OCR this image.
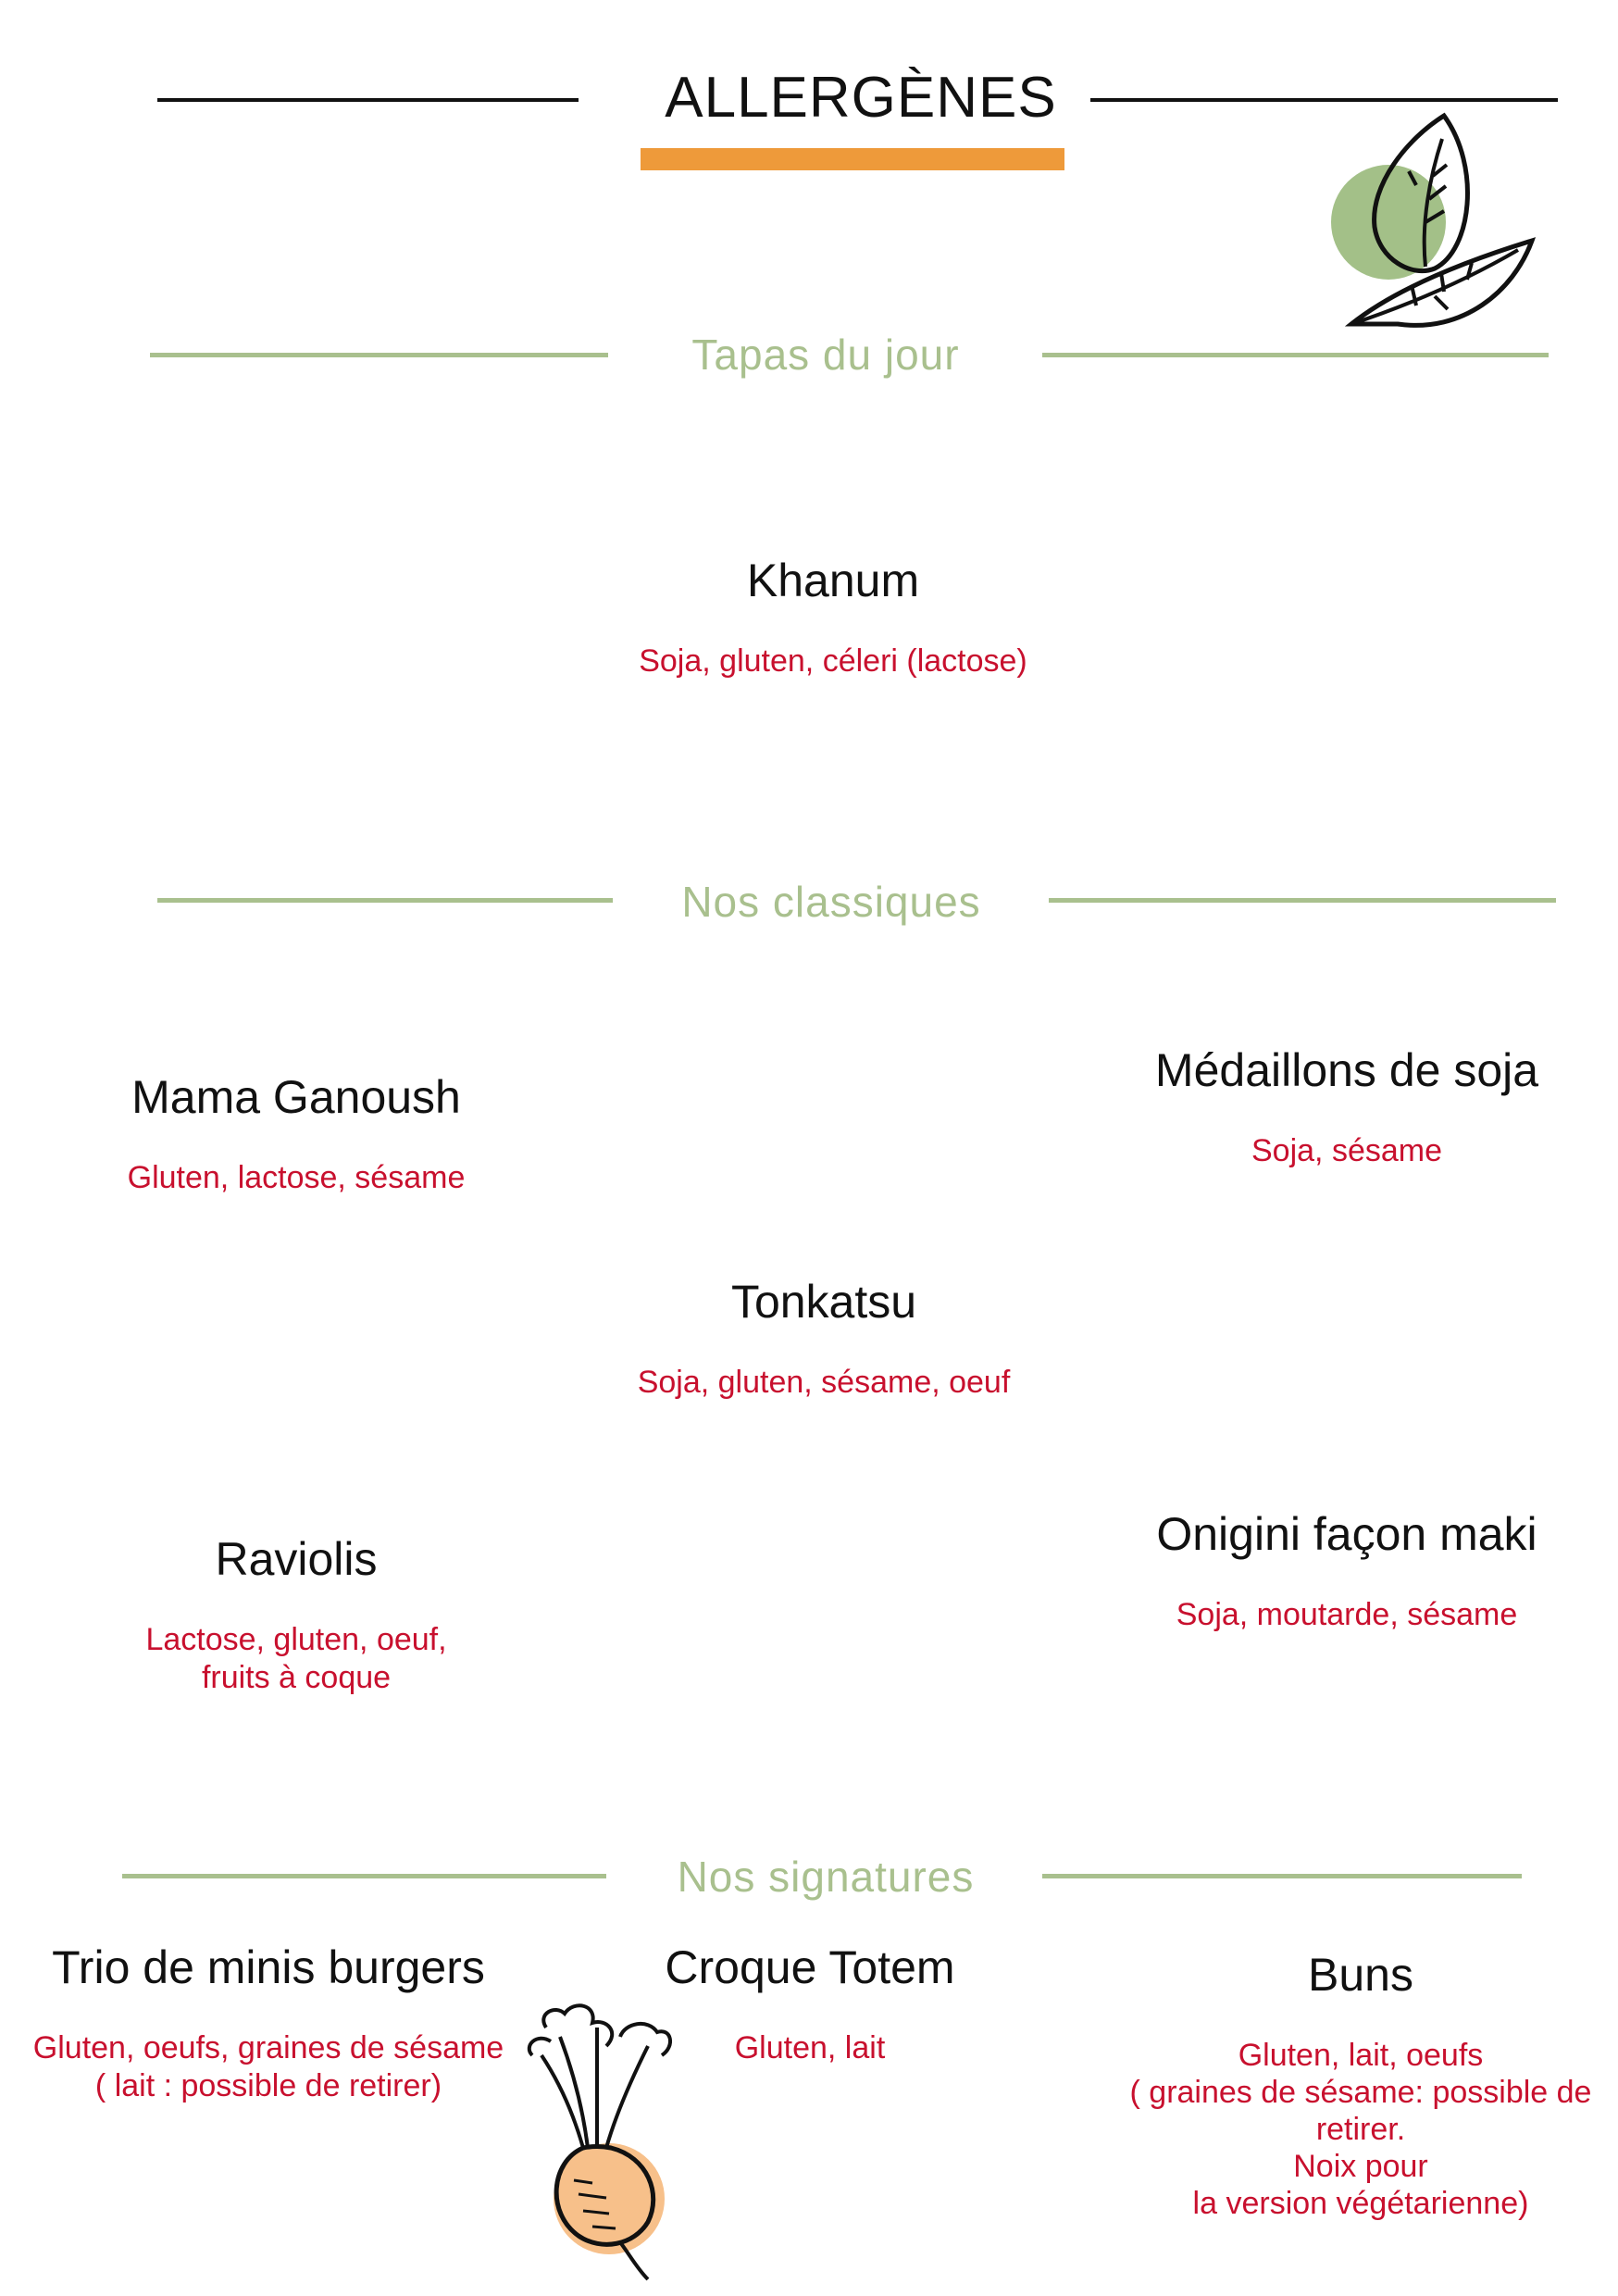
ALLERGÈNES
Tapas du jour
Khanum
Soja, gluten, céleri (lactose)
Nos classiques
Mama Ganoush
Gluten, lactose, sésame
Médaillons de soja
Soja, sésame
Tonkatsu
Soja, gluten, sésame, oeuf
Raviolis
Lactose, gluten, oeuf,
fruits à coque
Onigini façon maki
Soja, moutarde, sésame
Nos signatures
Trio de minis burgers
Gluten, oeufs, graines de sésame
( lait : possible de retirer)
Croque Totem
Gluten, lait
Buns
Gluten, lait, oeufs
( graines de sésame: possible de
retirer.
Noix pour
la version végétarienne)
